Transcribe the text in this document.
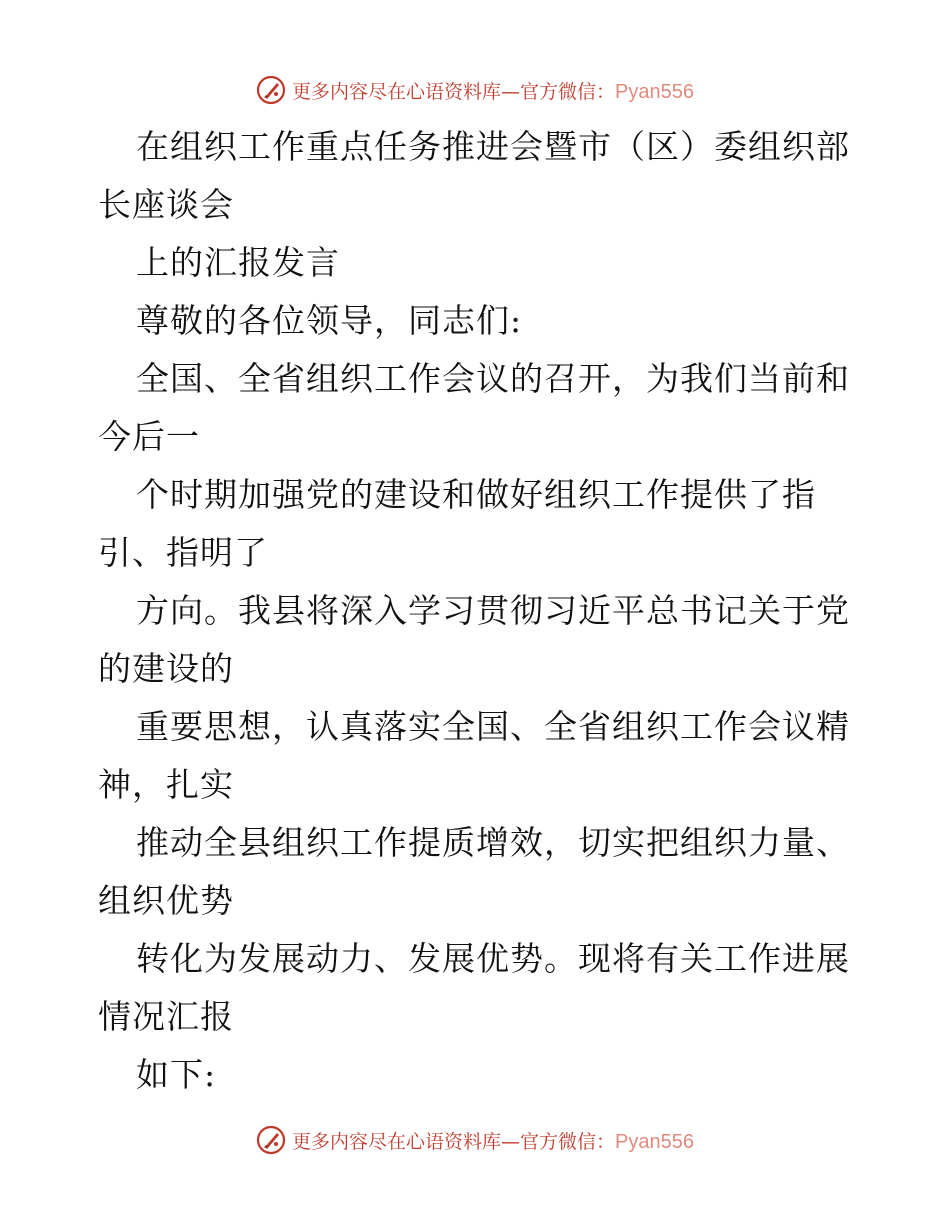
更多内容尽在心语资料库—官方微信：Pyan556
在组织工作重点任务推进会暨市（区）委组织部
长座谈会
上的汇报发言
尊敬的各位领导，同志们:
全国、全省组织工作会议的召开，为我们当前和
今后一
个时期加强党的建设和做好组织工作提供了指
引、指明了
方向。我县将深入学习贯彻习近平总书记关于党
的建设的
重要思想，认真落实全国、全省组织工作会议精
神，扎实
推动全县组织工作提质增效，切实把组织力量、
组织优势
转化为发展动力、发展优势。现将有关工作进展
情况汇报
如下:
更多内容尽在心语资料库—官方微信：Pyan556
